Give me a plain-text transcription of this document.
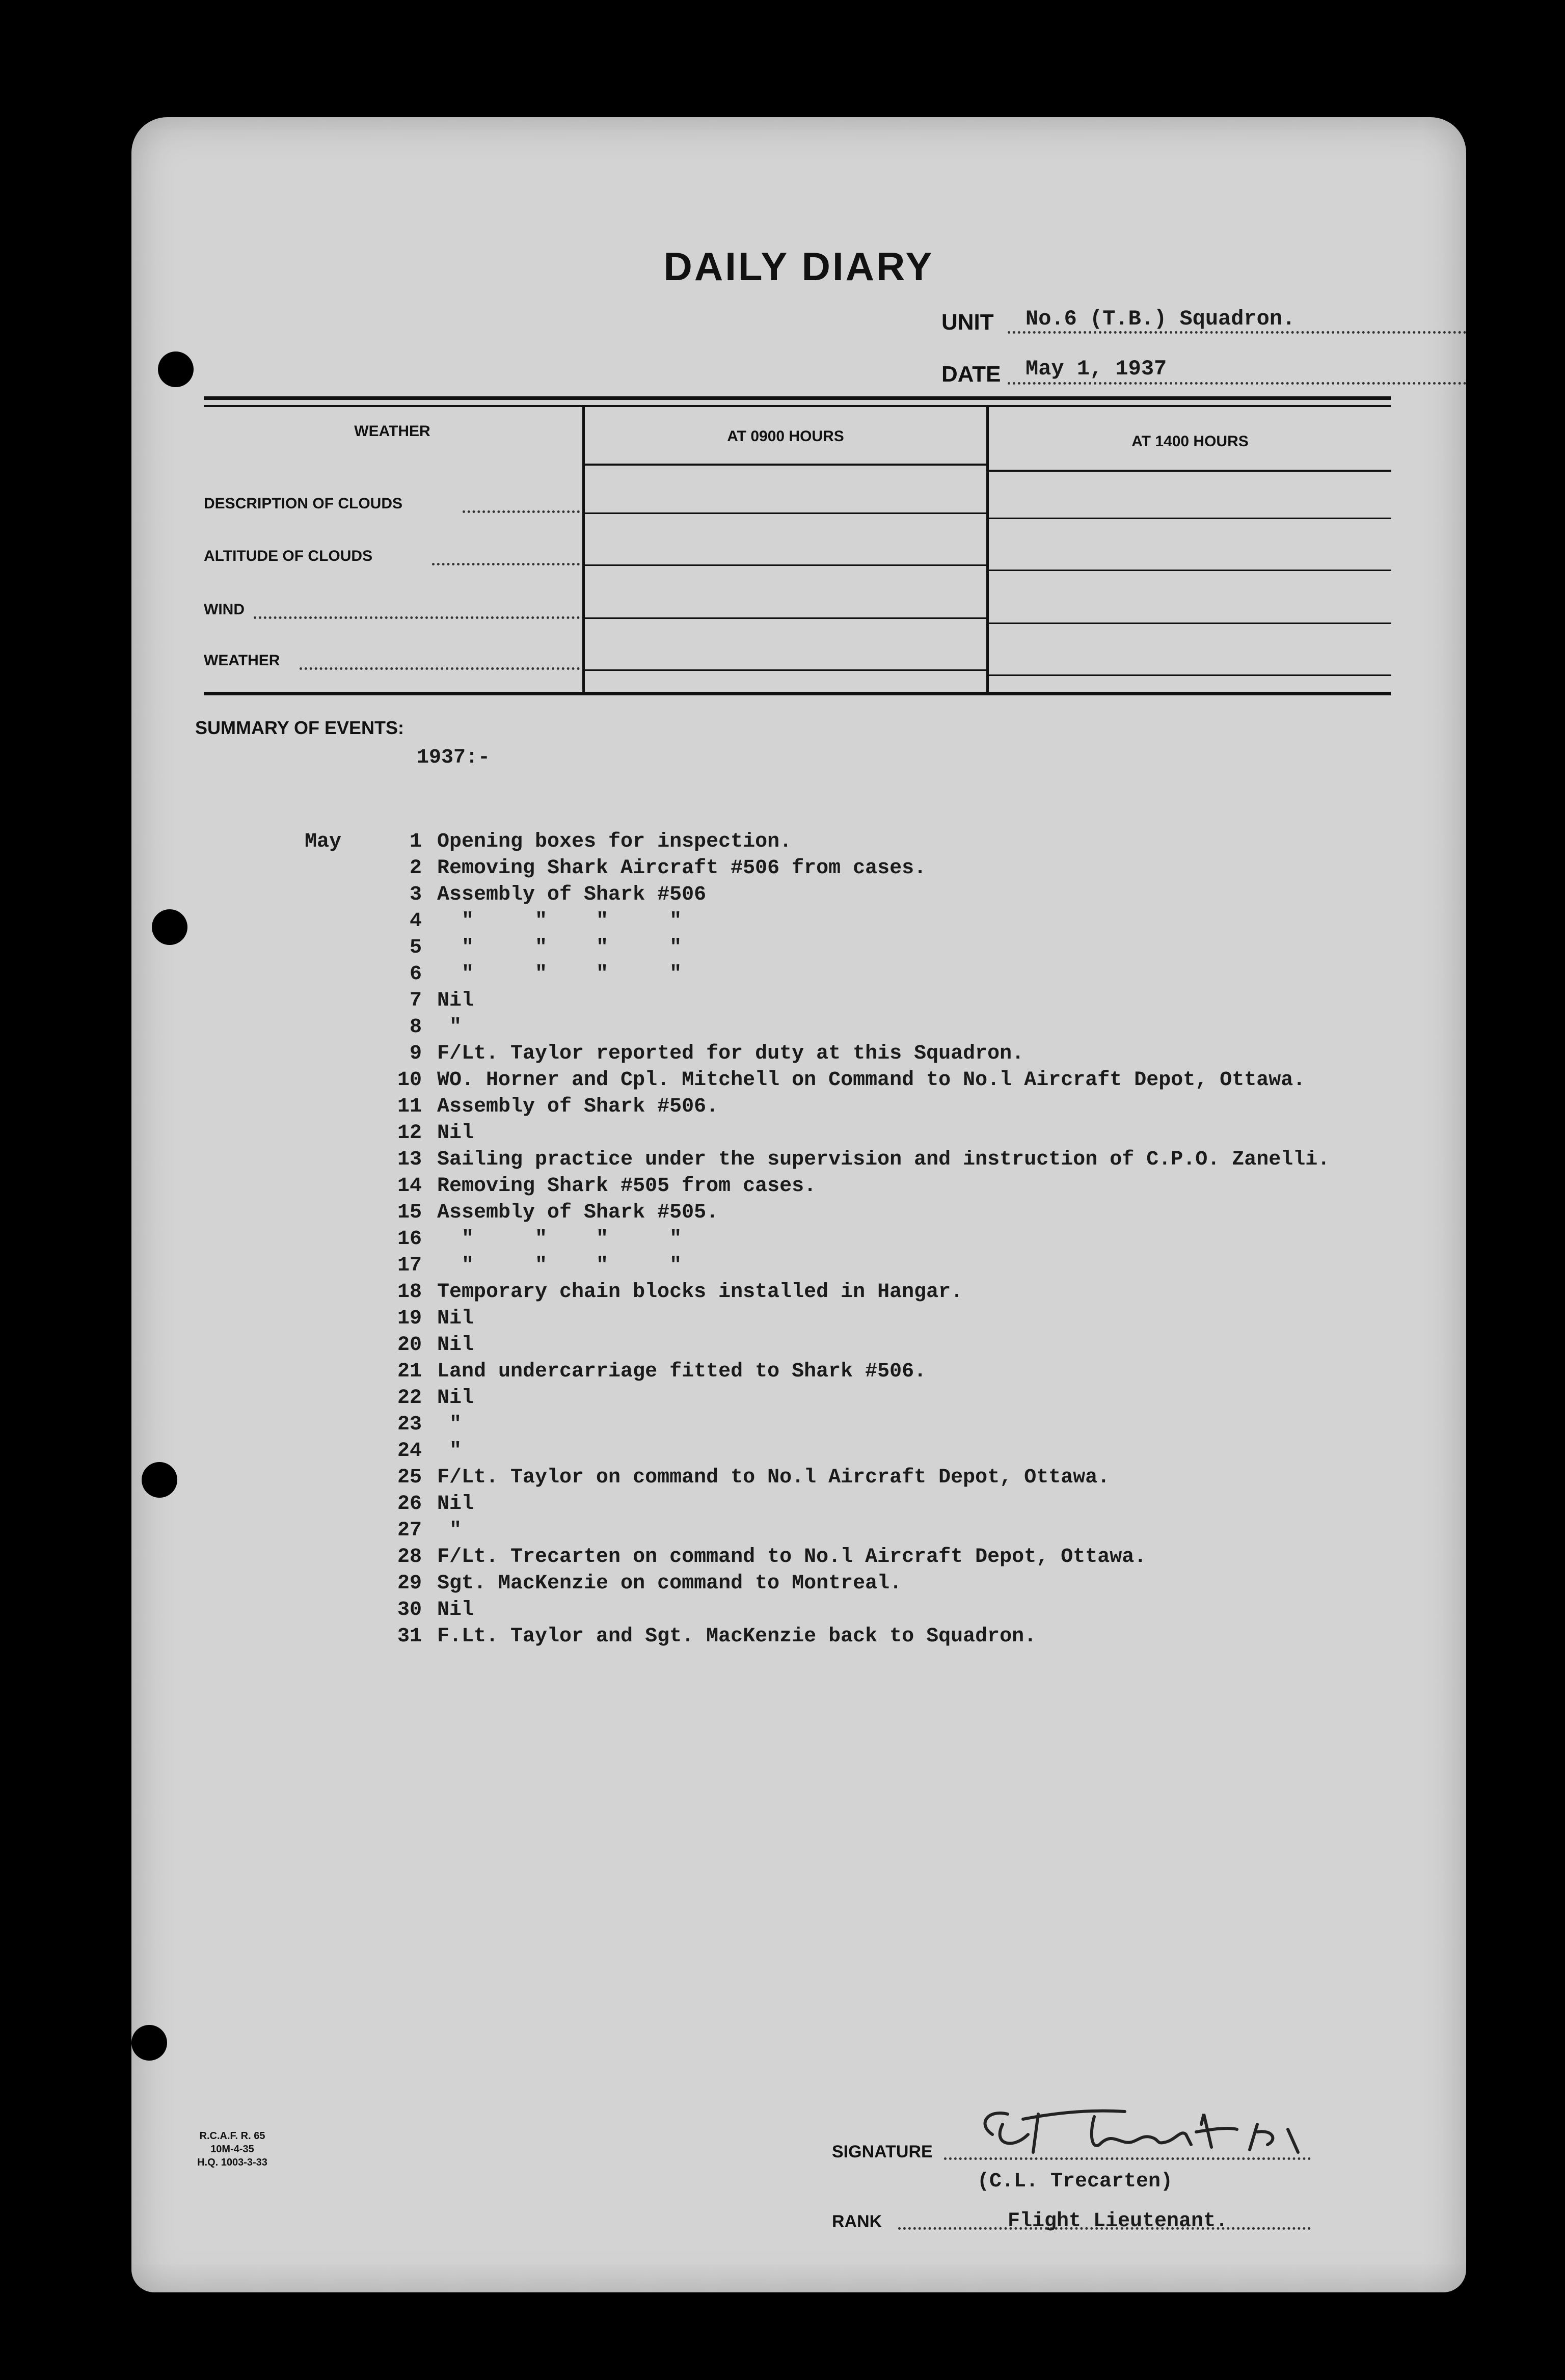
DAILY DIARY
UNIT No.6 (T.B.) Squadron.
DATE May 1, 1937
WEATHER	AT 0900 HOURS	AT 1400 HOURS
DESCRIPTION OF CLOUDS
ALTITUDE OF CLOUDS
WIND
WEATHER
SUMMARY OF EVENTS:
1937:-
May	1 Opening boxes for inspection.
2 Removing Shark Aircraft #506 from cases.
3 Assembly of Shark #506
4 "     "    "     "
5 "     "    "     "
6 "     "    "     "
7 Nil
8 "
9 F/Lt. Taylor reported for duty at this Squadron.
10 WO. Horner and Cpl. Mitchell on Command to No.l Aircraft Depot, Ottawa.
11 Assembly of Shark #506.
12 Nil
13 Sailing practice under the supervision and instruction of C.P.O. Zanelli.
14 Removing Shark #505 from cases.
15 Assembly of Shark #505.
16 "     "    "     "
17 "     "    "     "
18 Temporary chain blocks installed in Hangar.
19 Nil
20 Nil
21 Land undercarriage fitted to Shark #506.
22 Nil
23 "
24 "
25 F/Lt. Taylor on command to No.l Aircraft Depot, Ottawa.
26 Nil
27 "
28 F/Lt. Trecarten on command to No.l Aircraft Depot, Ottawa.
29 Sgt. MacKenzie on command to Montreal.
30 Nil
31 F.Lt. Taylor and Sgt. MacKenzie back to Squadron.
R.C.A.F. R. 65
10M-4-35
H.Q. 1003-3-33
SIGNATURE
(C.L. Trecarten)
RANK	Flight Lieutenant.
